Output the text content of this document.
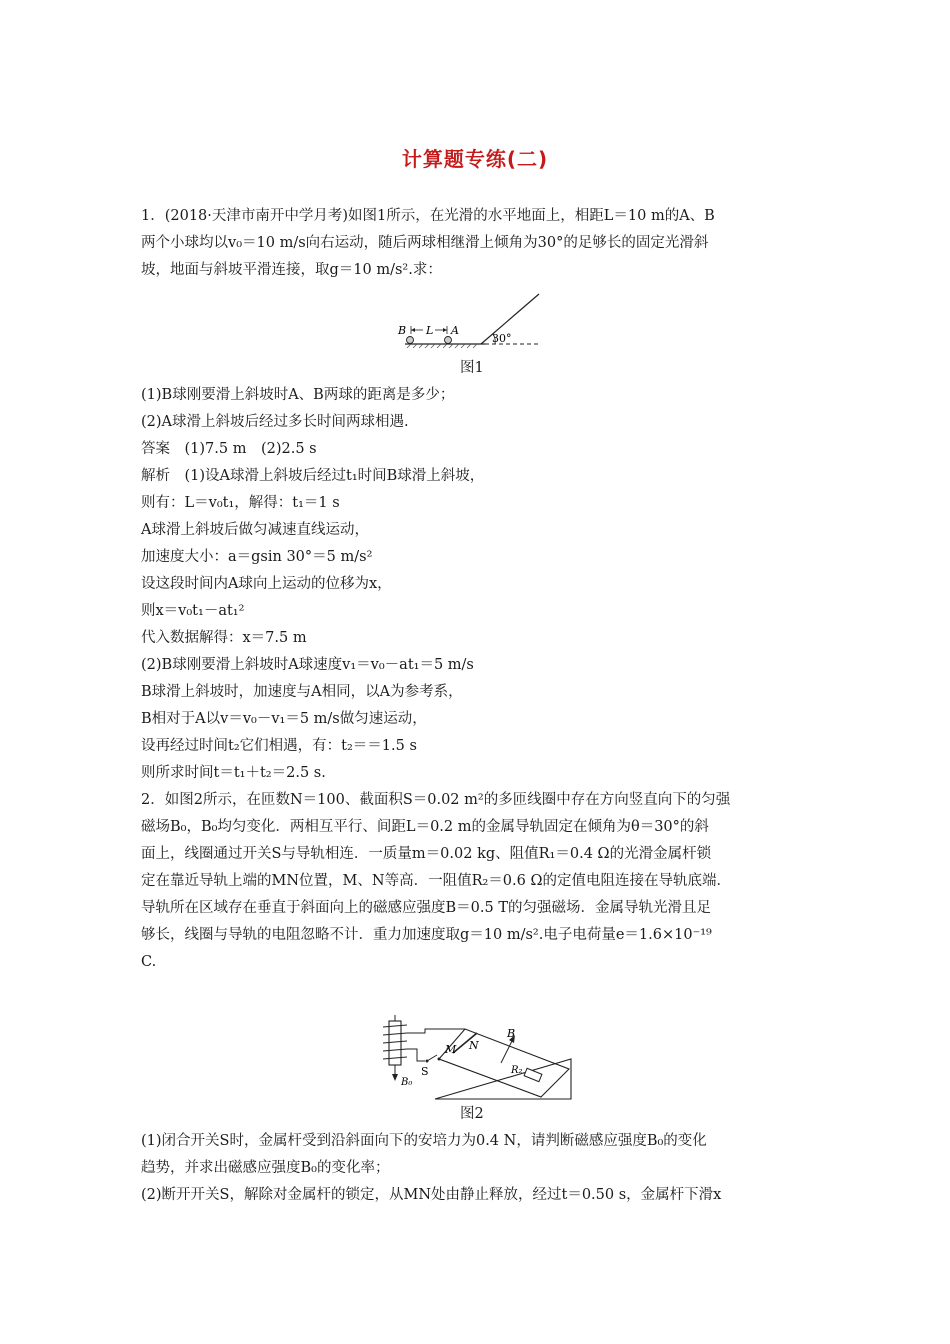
计算题专练(二)
1．(2018·天津市南开中学月考)如图1所示，在光滑的水平地面上，相距L＝10 m的A、B
两个小球均以v₀＝10 m/s向右运动，随后两球相继滑上倾角为30°的足够长的固定光滑斜
坡，地面与斜坡平滑连接，取g＝10 m/s².求：
30°
B L A
图1
(1)B球刚要滑上斜坡时A、B两球的距离是多少；
(2)A球滑上斜坡后经过多长时间两球相遇.
答案　(1)7.5 m　(2)2.5 s
解析　(1)设A球滑上斜坡后经过t₁时间B球滑上斜坡，
则有：L＝v₀t₁，解得：t₁＝1 s
A球滑上斜坡后做匀减速直线运动，
加速度大小：a＝gsin 30°＝5 m/s²
设这段时间内A球向上运动的位移为x，
则x＝v₀t₁－at₁²
代入数据解得：x＝7.5 m
(2)B球刚要滑上斜坡时A球速度v₁＝v₀－at₁＝5 m/s
B球滑上斜坡时，加速度与A相同，以A为参考系，
B相对于A以v＝v₀－v₁＝5 m/s做匀速运动，
设再经过时间t₂它们相遇，有：t₂＝＝1.5 s
则所求时间t＝t₁＋t₂＝2.5 s.
2．如图2所示，在匝数N＝100、截面积S＝0.02 m²的多匝线圈中存在方向竖直向下的匀强
磁场B₀，B₀均匀变化．两相互平行、间距L＝0.2 m的金属导轨固定在倾角为θ＝30°的斜
面上，线圈通过开关S与导轨相连．一质量m＝0.02 kg、阻值R₁＝0.4 Ω的光滑金属杆锁
定在靠近导轨上端的MN位置，M、N等高．一阻值R₂＝0.6 Ω的定值电阻连接在导轨底端．
导轨所在区域存在垂直于斜面向上的磁感应强度B＝0.5 T的匀强磁场．金属导轨光滑且足
够长，线圈与导轨的电阻忽略不计．重力加速度取g＝10 m/s².电子电荷量e＝1.6×10⁻¹⁹
C.
B₀
S
M N
B
R₂
图2
(1)闭合开关S时，金属杆受到沿斜面向下的安培力为0.4 N，请判断磁感应强度B₀的变化
趋势，并求出磁感应强度B₀的变化率；
(2)断开开关S，解除对金属杆的锁定，从MN处由静止释放，经过t＝0.50 s，金属杆下滑x
